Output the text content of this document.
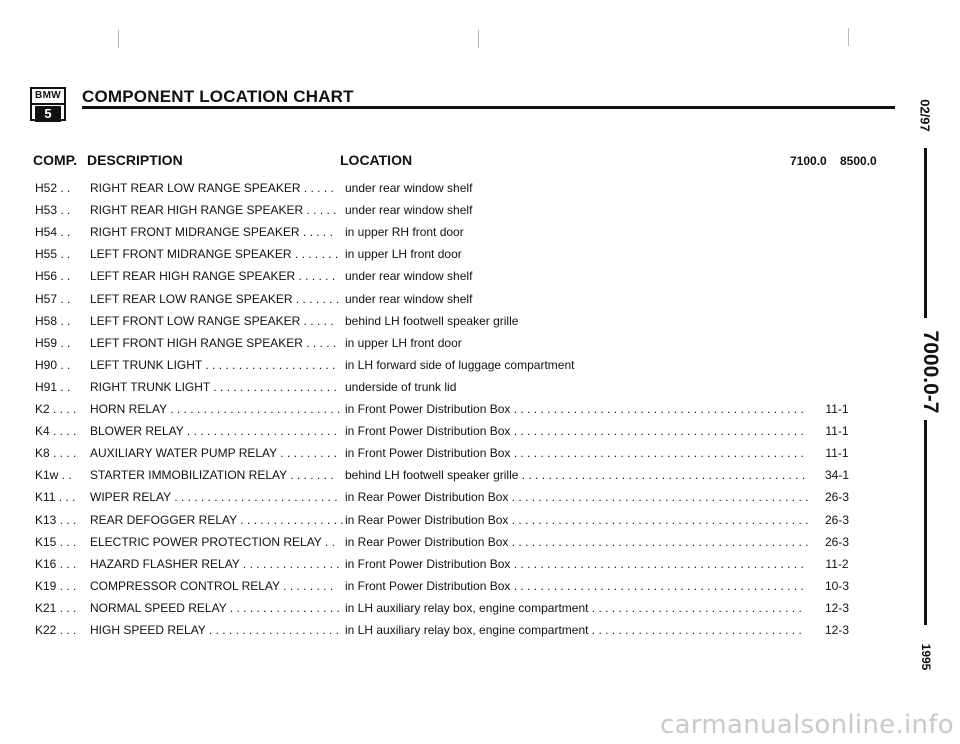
BMW
5
COMPONENT LOCATION CHART
COMP. DESCRIPTION	LOCATION	7100.0 8500.0
H52 . . RIGHT REAR LOW RANGE SPEAKER . . . . . under rear window shelf
H53 . . RIGHT REAR HIGH RANGE SPEAKER . . . . . under rear window shelf
H54 . . RIGHT FRONT MIDRANGE SPEAKER . . . . . in upper RH front door
H55 . . LEFT FRONT MIDRANGE SPEAKER . . . . . . . in upper LH front door
H56 . . LEFT REAR HIGH RANGE SPEAKER . . . . . . under rear window shelf
H57 . . LEFT REAR LOW RANGE SPEAKER . . . . . . . under rear window shelf
H58 . . LEFT FRONT LOW RANGE SPEAKER . . . . . behind LH footwell speaker grille
H59 . . LEFT FRONT HIGH RANGE SPEAKER . . . . . in upper LH front door
H90 . . LEFT TRUNK LIGHT . . . . . . . . . . . . . . . . . . . . in LH forward side of luggage compartment
H91 . . RIGHT TRUNK LIGHT . . . . . . . . . . . . . . . . . . . underside of trunk lid
K2 . . . . HORN RELAY . . . . . . . . . . . . . . . . . . . . . . . . . . in Front Power Distribution Box . . . . . . . . . . . . . . . . . . . . . . . . . . . . . . . . . . . . . . . . . . . .	11-1
K4 . . . . BLOWER RELAY . . . . . . . . . . . . . . . . . . . . . . . in Front Power Distribution Box . . . . . . . . . . . . . . . . . . . . . . . . . . . . . . . . . . . . . . . . . . . .	11-1
K8 . . . . AUXILIARY WATER PUMP RELAY . . . . . . . . . in Front Power Distribution Box . . . . . . . . . . . . . . . . . . . . . . . . . . . . . . . . . . . . . . . . . . . .	11-1
K1w . . STARTER IMMOBILIZATION RELAY . . . . . . . behind LH footwell speaker grille . . . . . . . . . . . . . . . . . . . . . . . . . . . . . . . . . . . . . . . . . . .	34-1
K11 . . . WIPER RELAY . . . . . . . . . . . . . . . . . . . . . . . . . in Rear Power Distribution Box . . . . . . . . . . . . . . . . . . . . . . . . . . . . . . . . . . . . . . . . . . . . .	26-3
K13 . . . REAR DEFOGGER RELAY . . . . . . . . . . . . . . . . in Rear Power Distribution Box . . . . . . . . . . . . . . . . . . . . . . . . . . . . . . . . . . . . . . . . . . . . .	26-3
K15 . . . ELECTRIC POWER PROTECTION RELAY . . in Rear Power Distribution Box . . . . . . . . . . . . . . . . . . . . . . . . . . . . . . . . . . . . . . . . . . . . .	26-3
K16 . . . HAZARD FLASHER RELAY . . . . . . . . . . . . . . . in Front Power Distribution Box . . . . . . . . . . . . . . . . . . . . . . . . . . . . . . . . . . . . . . . . . . . .	11-2
K19 . . . COMPRESSOR CONTROL RELAY . . . . . . . . in Front Power Distribution Box . . . . . . . . . . . . . . . . . . . . . . . . . . . . . . . . . . . . . . . . . . . .	10-3
K21 . . . NORMAL SPEED RELAY . . . . . . . . . . . . . . . . . in LH auxiliary relay box, engine compartment . . . . . . . . . . . . . . . . . . . . . . . . . . . . . . . .	12-3
K22 . . . HIGH SPEED RELAY . . . . . . . . . . . . . . . . . . . . in LH auxiliary relay box, engine compartment . . . . . . . . . . . . . . . . . . . . . . . . . . . . . . . .	12-3
02/97
7000.0-7
1995
carmanualsonline.info
